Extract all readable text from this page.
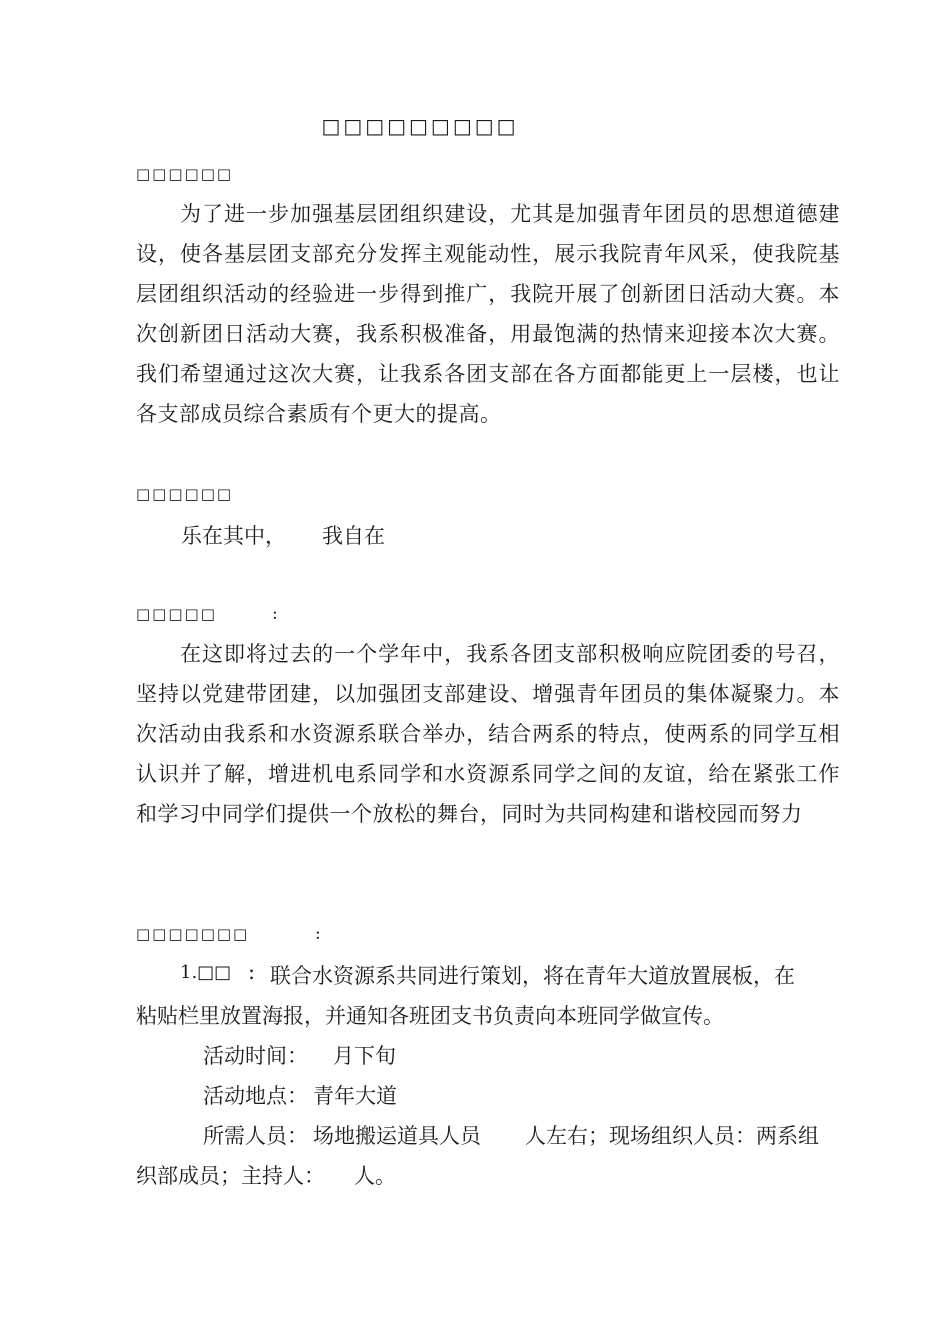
□□□□□□□□□
□□□□□□

为了进一步加强基层团组织建设，尤其是加强青年团员的思想道德建设，使各基层团支部充分发挥主观能动性，展示我院青年风采，使我院基层团组织活动的经验进一步得到推广，我院开展了创新团日活动大赛。本次创新团日活动大赛，我系积极准备，用最饱满的热情来迎接本次大赛。我们希望通过这次大赛，让我系各团支部在各方面都能更上一层楼，也让各支部成员综合素质有个更大的提高。

□□□□□□
乐在其中， 我自在
□□□□□	:

在这即将过去的一个学年中，我系各团支部积极响应院团委的号召，坚持以党建带团建，以加强团支部建设、增强青年团员的集体凝聚力。本次活动由我系和水资源系联合举办，结合两系的特点，使两系的同学互相认识并了解，增进机电系同学和水资源系同学之间的友谊，给在紧张工作和学习中同学们提供一个放松的舞台，同时为共同构建和谐校园而努力

□□□□□□□	:
1.□□ : 联合水资源系共同进行策划，将在青年大道放置展板，在
粘贴栏里放置海报，并通知各班团支书负责向本班同学做宣传。
活动时间： 月下旬
活动地点： 青年大道
所需人员： 场地搬运道具人员 人左右；现场组织人员：两系组
织部成员；主持人： 人。
